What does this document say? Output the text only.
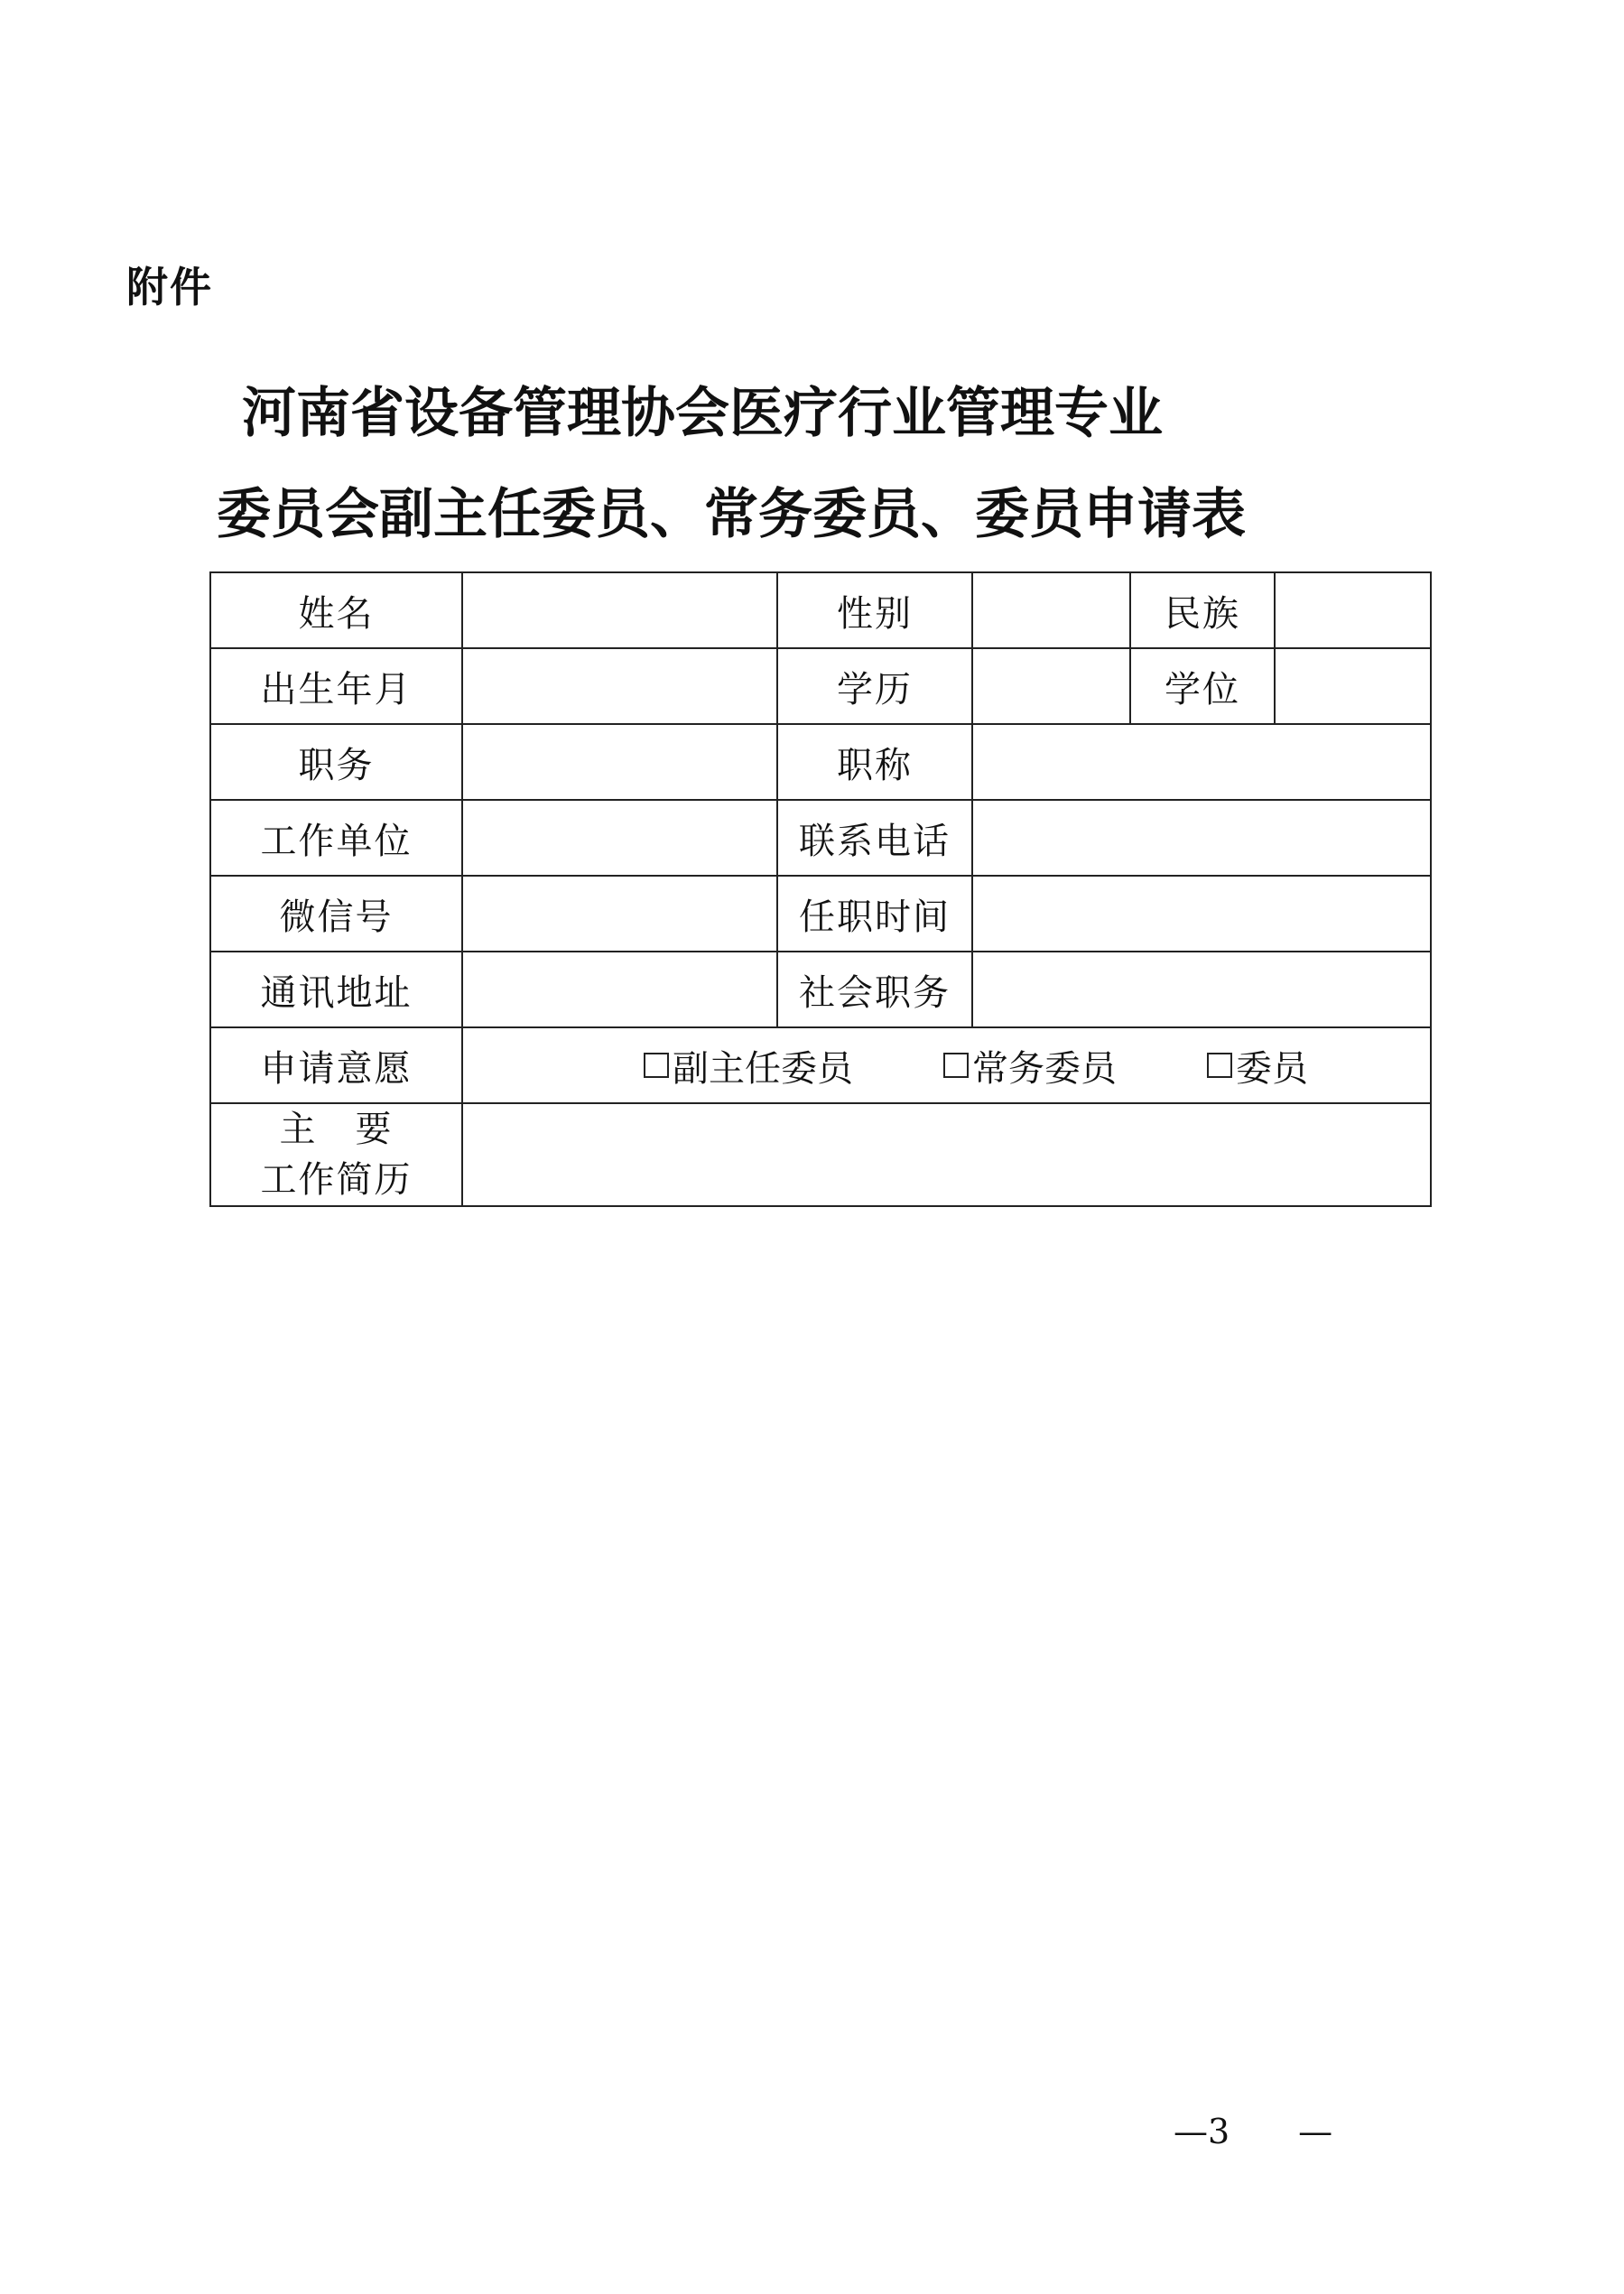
附件
河南省设备管理协会医疗行业管理专业
委员会副主任委员、常务委员、委员申请表
姓名		性别		民族	
出生年月		学历		学位	
职务		职称			
工作单位		联系电话			
微信号		任职时间			
通讯地址		社会职务			
申请意愿	副主任委员 常务委员 委员				

主　要
工作简历					

—3　　—
